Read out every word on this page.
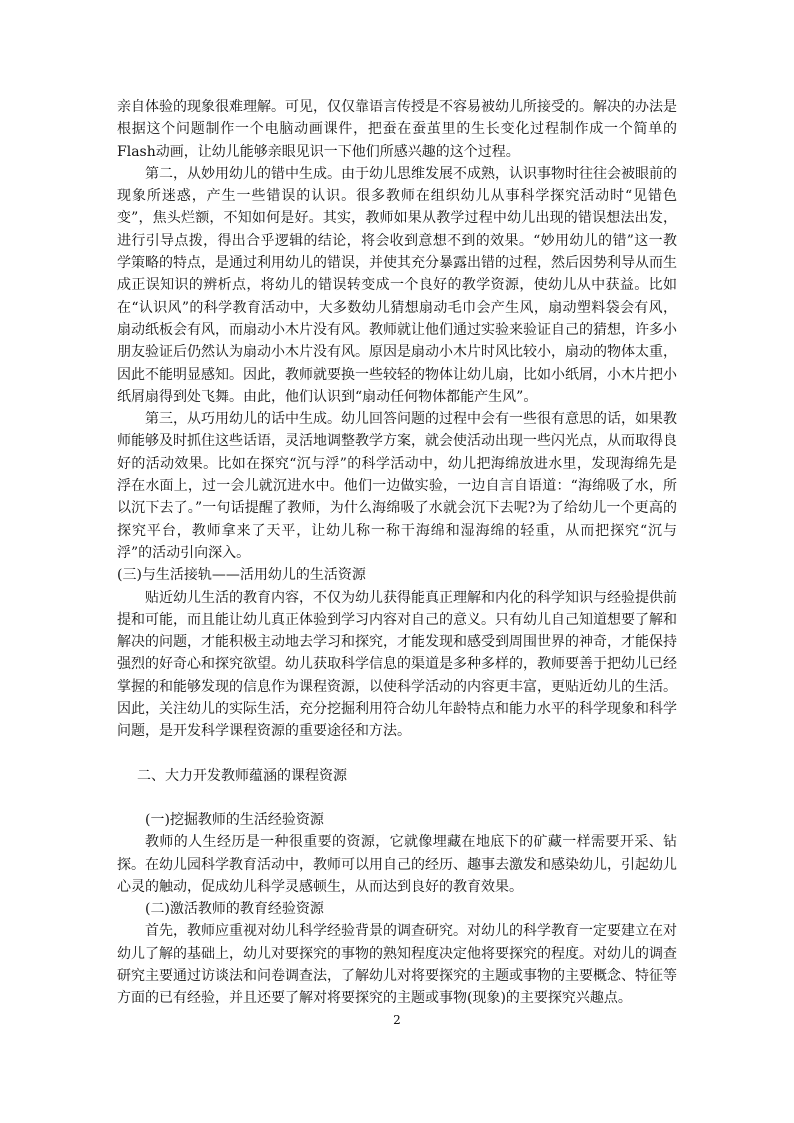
亲自体验的现象很难理解。可见，仅仅靠语言传授是不容易被幼儿所接受的。解决的办法是根据这个问题制作一个电脑动画课件，把蚕在蚕茧里的生长变化过程制作成一个简单的Flash动画，让幼儿能够亲眼见识一下他们所感兴趣的这个过程。

第二，从妙用幼儿的错中生成。由于幼儿思维发展不成熟，认识事物时往往会被眼前的现象所迷惑，产生一些错误的认识。很多教师在组织幼儿从事科学探究活动时“见错色变”，焦头烂额，不知如何是好。其实，教师如果从教学过程中幼儿出现的错误想法出发，进行引导点拨，得出合乎逻辑的结论，将会收到意想不到的效果。“妙用幼儿的错”这一教学策略的特点，是通过利用幼儿的错误，并使其充分暴露出错的过程，然后因势利导从而生成正误知识的辨析点，将幼儿的错误转变成一个良好的教学资源，使幼儿从中获益。比如在“认识风”的科学教育活动中，大多数幼儿猜想扇动毛巾会产生风，扇动塑料袋会有风，扇动纸板会有风，而扇动小木片没有风。教师就让他们通过实验来验证自己的猜想，许多小朋友验证后仍然认为扇动小木片没有风。原因是扇动小木片时风比较小，扇动的物体太重，因此不能明显感知。因此，教师就要换一些较轻的物体让幼儿扇，比如小纸屑，小木片把小纸屑扇得到处飞舞。由此，他们认识到“扇动任何物体都能产生风”。

第三，从巧用幼儿的话中生成。幼儿回答问题的过程中会有一些很有意思的话，如果教师能够及时抓住这些话语，灵活地调整教学方案，就会使活动出现一些闪光点，从而取得良好的活动效果。比如在探究“沉与浮”的科学活动中，幼儿把海绵放进水里，发现海绵先是浮在水面上，过一会儿就沉进水中。他们一边做实验，一边自言自语道：“海绵吸了水，所以沉下去了。”一句话提醒了教师，为什么海绵吸了水就会沉下去呢?为了给幼儿一个更高的探究平台，教师拿来了天平，让幼儿称一称干海绵和湿海绵的轻重，从而把探究“沉与浮”的活动引向深入。

(三)与生活接轨——活用幼儿的生活资源

贴近幼儿生活的教育内容，不仅为幼儿获得能真正理解和内化的科学知识与经验提供前提和可能，而且能让幼儿真正体验到学习内容对自己的意义。只有幼儿自己知道想要了解和解决的问题，才能积极主动地去学习和探究，才能发现和感受到周围世界的神奇，才能保持强烈的好奇心和探究欲望。幼儿获取科学信息的渠道是多种多样的，教师要善于把幼儿已经掌握的和能够发现的信息作为课程资源，以使科学活动的内容更丰富，更贴近幼儿的生活。因此，关注幼儿的实际生活，充分挖掘利用符合幼儿年龄特点和能力水平的科学现象和科学问题，是开发科学课程资源的重要途径和方法。

二、大力开发教师蕴涵的课程资源

(一)挖掘教师的生活经验资源

教师的人生经历是一种很重要的资源，它就像埋藏在地底下的矿藏一样需要开采、钻探。在幼儿园科学教育活动中，教师可以用自己的经历、趣事去激发和感染幼儿，引起幼儿心灵的触动，促成幼儿科学灵感顿生，从而达到良好的教育效果。

(二)激活教师的教育经验资源

首先，教师应重视对幼儿科学经验背景的调查研究。对幼儿的科学教育一定要建立在对幼儿了解的基础上，幼儿对要探究的事物的熟知程度决定他将要探究的程度。对幼儿的调查研究主要通过访谈法和问卷调查法，了解幼儿对将要探究的主题或事物的主要概念、特征等方面的已有经验，并且还要了解对将要探究的主题或事物(现象)的主要探究兴趣点。

2
